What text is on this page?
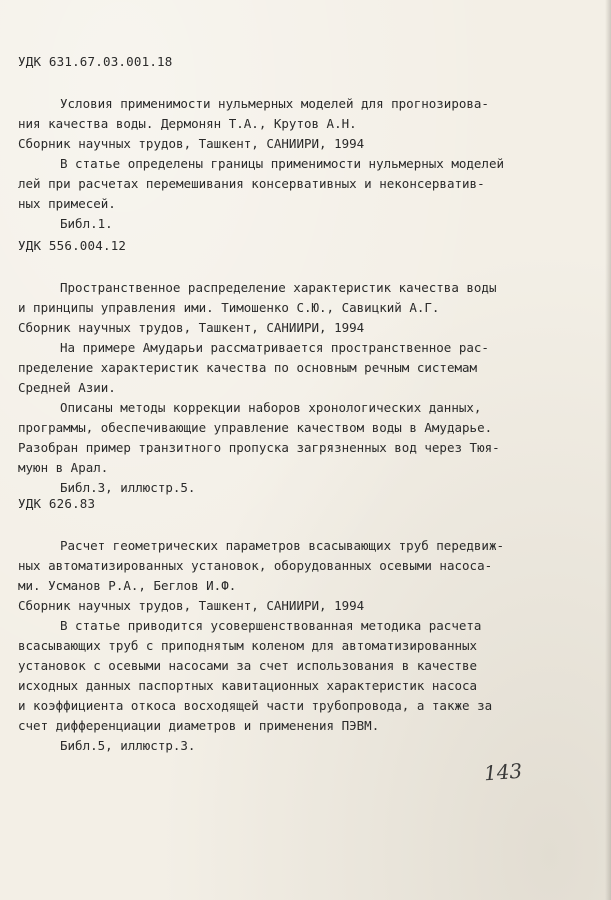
УДК 631.67.03.001.18
Условия применимости нульмерных моделей для прогнозирова-
ния качества воды. Дермонян Т.А., Крутов А.Н.
Сборник научных трудов, Ташкент, САНИИРИ, 1994
В статье определены границы применимости нульмерных моделей
лей при расчетах перемешивания консервативных и неконсерватив-
ных примесей.
Библ.1.
УДК 556.004.12
Пространственное распределение характеристик качества воды
и принципы управления ими. Тимошенко С.Ю., Савицкий А.Г.
Сборник научных трудов, Ташкент, САНИИРИ, 1994
На примере Амударьи рассматривается пространственное рас-
пределение характеристик качества по основным речным системам
Средней Азии.
Описаны методы коррекции наборов хронологических данных,
программы, обеспечивающие управление качеством воды в Амударье.
Разобран пример транзитного пропуска загрязненных вод через Тюя-
муюн в Арал.
Библ.3, иллюстр.5.
УДК 626.83
Расчет геометрических параметров всасывающих труб передвиж-
ных автоматизированных установок, оборудованных осевыми насоса-
ми. Усманов Р.А., Беглов И.Ф.
Сборник научных трудов, Ташкент, САНИИРИ, 1994
В статье приводится усовершенствованная методика расчета
всасывающих труб с приподнятым коленом для автоматизированных
установок с осевыми насосами за счет использования в качестве
исходных данных паспортных кавитационных характеристик насоса
и коэффициента откоса восходящей части трубопровода, а также за
счет дифференциации диаметров и применения ПЭВМ.
Библ.5, иллюстр.3.
143
